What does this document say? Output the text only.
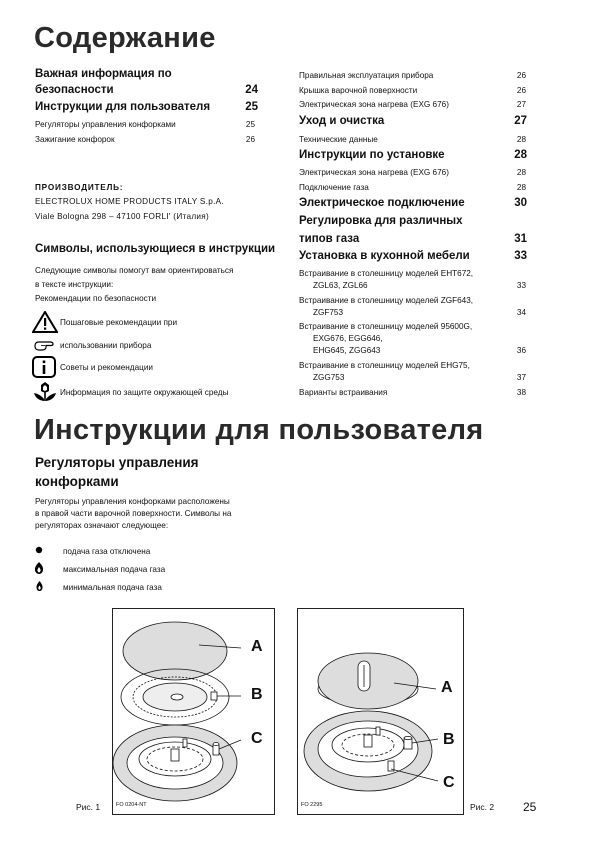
Содержание
Важная информация по
безопасности	24
Инструкции для пользователя	25
Регуляторы управления конфорками	25
Зажигание конфорок	26
ПРОИЗВОДИТЕЛЬ:
ELECTROLUX HOME PRODUCTS ITALY S.p.A.
Viale Bologna 298 – 47100 FORLI' (Италия)
Символы, использующиеся в инструкции
Следующие символы помогут вам ориентироваться
в тексте инструкции:
Рекомендации по безопасности
Пошаговые рекомендации при
использовании прибора
Советы и рекомендации
Информация по защите окружающей среды
Правильная эксплуатация прибора	26
Крышка варочной поверхности	26
Электрическая зона нагрева (EXG 676)	27
Уход и очистка	27
Технические данные	28
Инструкции по установке	28
Электрическая зона нагрева (EXG 676)	28
Подключение газа	28
Электрическое подключение	30
Регулировка для различных
типов газа	31
Установка в кухонной мебели	33
Встраивание в столешницу моделей EHT672,
ZGL63, ZGL66	33
Встраивание в столешницу моделей ZGF643,
ZGF753	34
Встраивание в столешницу моделей 95600G,
EXG676, EGG646,
EHG645, ZGG643	36
Встраивание в столешницу моделей EHG75,
ZGG753	37
Варианты встраивания	38
Инструкции для пользователя
Регуляторы управления
конфорками
Регуляторы управления конфорками расположены
в правой части варочной поверхности. Символы на
регуляторах означают следующее:
подача газа отключена
максимальная подача газа
минимальная подача газа
A
B
C
FO 0204-NT
Рис. 1
A
B
C
FO 2295	Рис. 2 25
